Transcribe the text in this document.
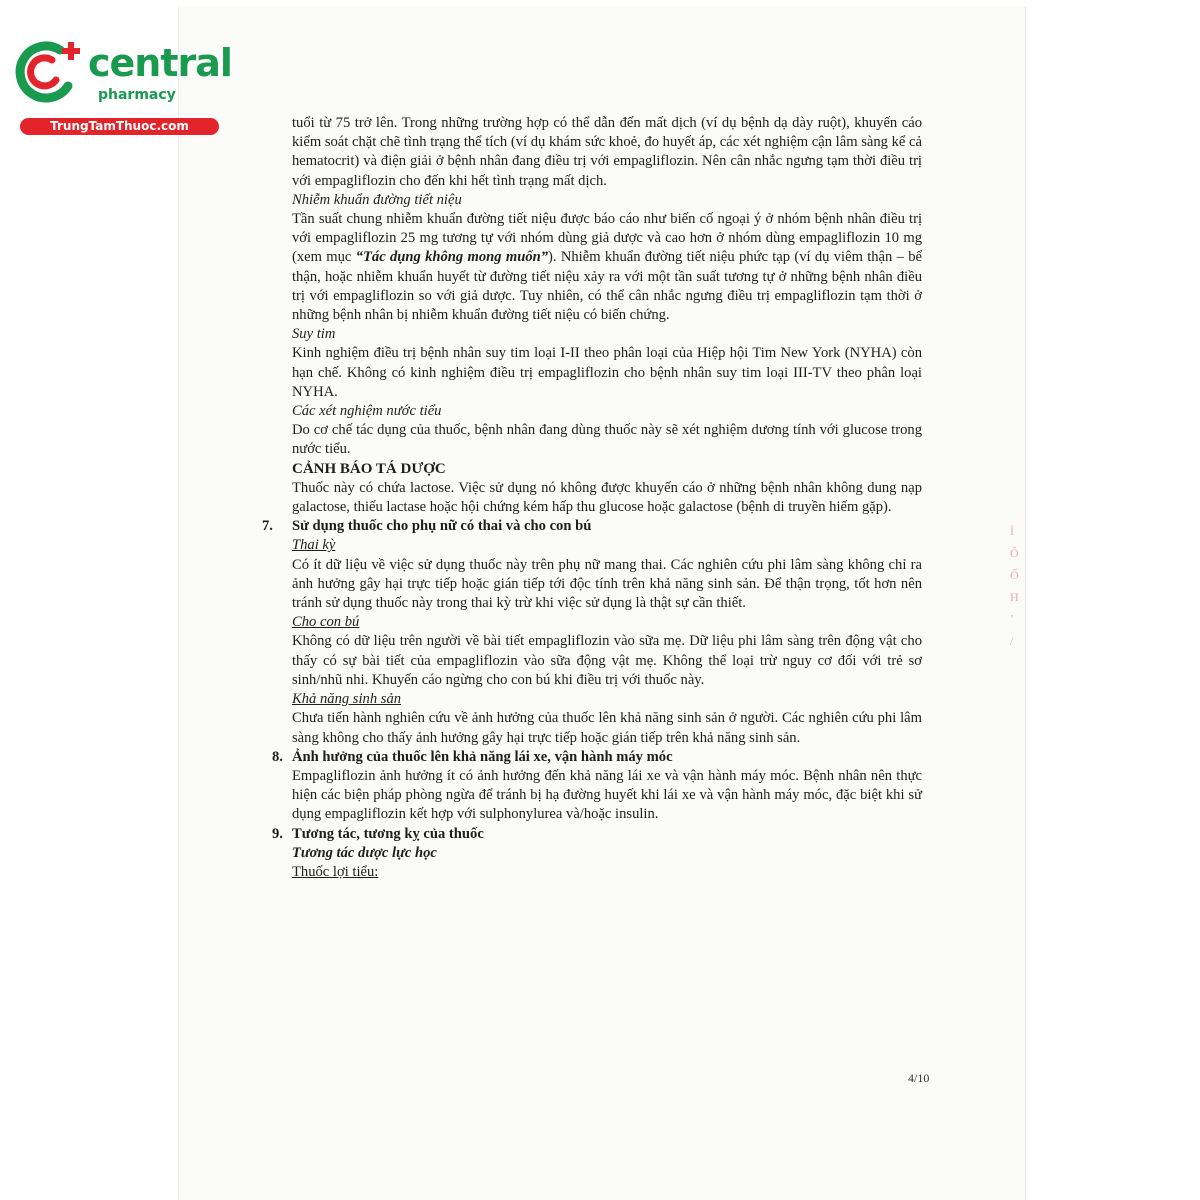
central
pharmacy
TrungTamThuoc.com
Ĩ
Ô
Ố
H
ʼ
/

tuổi từ 75 trở lên. Trong những trường hợp có thể dẫn đến mất dịch (ví dụ bệnh dạ dày ruột), khuyến cáo kiểm soát chặt chẽ tình trạng thể tích (ví dụ khám sức khoẻ, đo huyết áp, các xét nghiệm cận lâm sàng kể cả hematocrit) và điện giải ở bệnh nhân đang điều trị với empagliflozin. Nên cân nhắc ngưng tạm thời điều trị với empagliflozin cho đến khi hết tình trạng mất dịch.

Nhiễm khuẩn đường tiết niệu

Tần suất chung nhiễm khuẩn đường tiết niệu được báo cáo như biến cố ngoại ý ở nhóm bệnh nhân điều trị với empagliflozin 25 mg tương tự với nhóm dùng giả dược và cao hơn ở nhóm dùng empagliflozin 10 mg (xem mục “Tác dụng không mong muốn”). Nhiễm khuẩn đường tiết niệu phức tạp (ví dụ viêm thận – bể thận, hoặc nhiễm khuẩn huyết từ đường tiết niệu xảy ra với một tần suất tương tự ở những bệnh nhân điều trị với empagliflozin so với giả dược. Tuy nhiên, có thể cân nhắc ngưng điều trị empagliflozin tạm thời ở những bệnh nhân bị nhiễm khuẩn đường tiết niệu có biến chứng.

Suy tim

Kinh nghiệm điều trị bệnh nhân suy tim loại I-II theo phân loại của Hiệp hội Tim New York (NYHA) còn hạn chế. Không có kinh nghiệm điều trị empagliflozin cho bệnh nhân suy tim loại III-TV theo phân loại NYHA.

Các xét nghiệm nước tiểu

Do cơ chế tác dụng của thuốc, bệnh nhân đang dùng thuốc này sẽ xét nghiệm dương tính với glucose trong nước tiểu.

CẢNH BÁO TÁ DƯỢC

Thuốc này có chứa lactose. Việc sử dụng nó không được khuyến cáo ở những bệnh nhân không dung nạp galactose, thiếu lactase hoặc hội chứng kém hấp thu glucose hoặc galactose (bệnh di truyền hiếm gặp).

7. Sử dụng thuốc cho phụ nữ có thai và cho con bú

Thai kỳ

Có ít dữ liệu về việc sử dụng thuốc này trên phụ nữ mang thai. Các nghiên cứu phi lâm sàng không chỉ ra ảnh hưởng gây hại trực tiếp hoặc gián tiếp tới độc tính trên khả năng sinh sản. Để thận trọng, tốt hơn nên tránh sử dụng thuốc này trong thai kỳ trừ khi việc sử dụng là thật sự cần thiết.

Cho con bú

Không có dữ liệu trên người về bài tiết empagliflozin vào sữa mẹ. Dữ liệu phi lâm sàng trên động vật cho thấy có sự bài tiết của empagliflozin vào sữa động vật mẹ. Không thể loại trừ nguy cơ đối với trẻ sơ sinh/nhũ nhi. Khuyến cáo ngừng cho con bú khi điều trị với thuốc này.

Khả năng sinh sản

Chưa tiến hành nghiên cứu về ảnh hưởng của thuốc lên khả năng sinh sản ở người. Các nghiên cứu phi lâm sàng không cho thấy ảnh hưởng gây hại trực tiếp hoặc gián tiếp trên khả năng sinh sản.

8. Ảnh hưởng của thuốc lên khả năng lái xe, vận hành máy móc

Empagliflozin ảnh hưởng ít có ảnh hưởng đến khả năng lái xe và vận hành máy móc. Bệnh nhân nên thực hiện các biện pháp phòng ngừa để tránh bị hạ đường huyết khi lái xe và vận hành máy móc, đặc biệt khi sử dụng empagliflozin kết hợp với sulphonylurea và/hoặc insulin.

9. Tương tác, tương kỵ của thuốc

Tương tác dược lực học

Thuốc lợi tiểu:

4/10
